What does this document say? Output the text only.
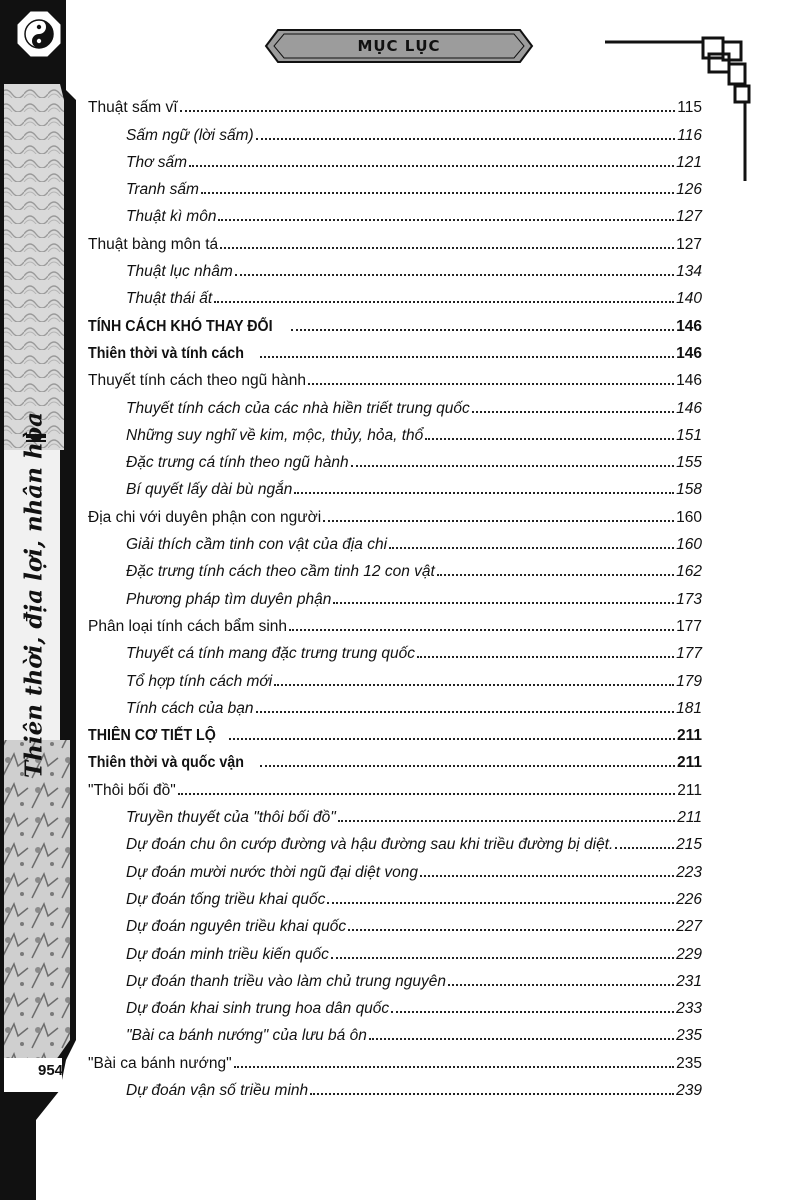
Thiên thời, địa lợi, nhân hòa
954
MỤC LỤC
Thuật sấm vĩ	115
Sấm ngữ (lời sấm)	116
Thơ sấm	121
Tranh sấm	126
Thuật kì môn	127
Thuật bàng môn tá	127
Thuật lục nhâm	134
Thuật thái ất	140
TÍNH CÁCH KHÓ THAY ĐỔI	146
Thiên thời và tính cách	146
Thuyết tính cách theo ngũ hành	146
Thuyết tính cách của các nhà hiền triết trung quốc	146
Những suy nghĩ về kim, mộc, thủy, hỏa, thổ	151
Đặc trưng cá tính theo ngũ hành	155
Bí quyết lấy dài bù ngắn	158
Địa chi với duyên phận con người	160
Giải thích cầm tinh con vật của địa chi	160
Đặc trưng tính cách theo cầm tinh 12 con vật	162
Phương pháp tìm duyên phận	173
Phân loại tính cách bẩm sinh	177
Thuyết cá tính mang đặc trưng trung quốc	177
Tổ hợp tính cách mới	179
Tính cách của bạn	181
THIÊN CƠ TIẾT LỘ	211
Thiên thời và quốc vận	211
"Thôi bối đồ"	211
Truyền thuyết của "thôi bối đồ"	211
Dự đoán chu ôn cướp đường và hậu đường sau khi triều đường bị diệt.	215
Dự đoán mười nước thời ngũ đại diệt vong	223
Dự đoán tống triều khai quốc	226
Dự đoán nguyên triều khai quốc	227
Dự đoán minh triều kiến quốc	229
Dự đoán thanh triều vào làm chủ trung nguyên	231
Dự đoán khai sinh trung hoa dân quốc	233
"Bài ca bánh nướng" của lưu bá ôn	235
"Bài ca bánh nướng"	235
Dự đoán vận số triều minh	239
